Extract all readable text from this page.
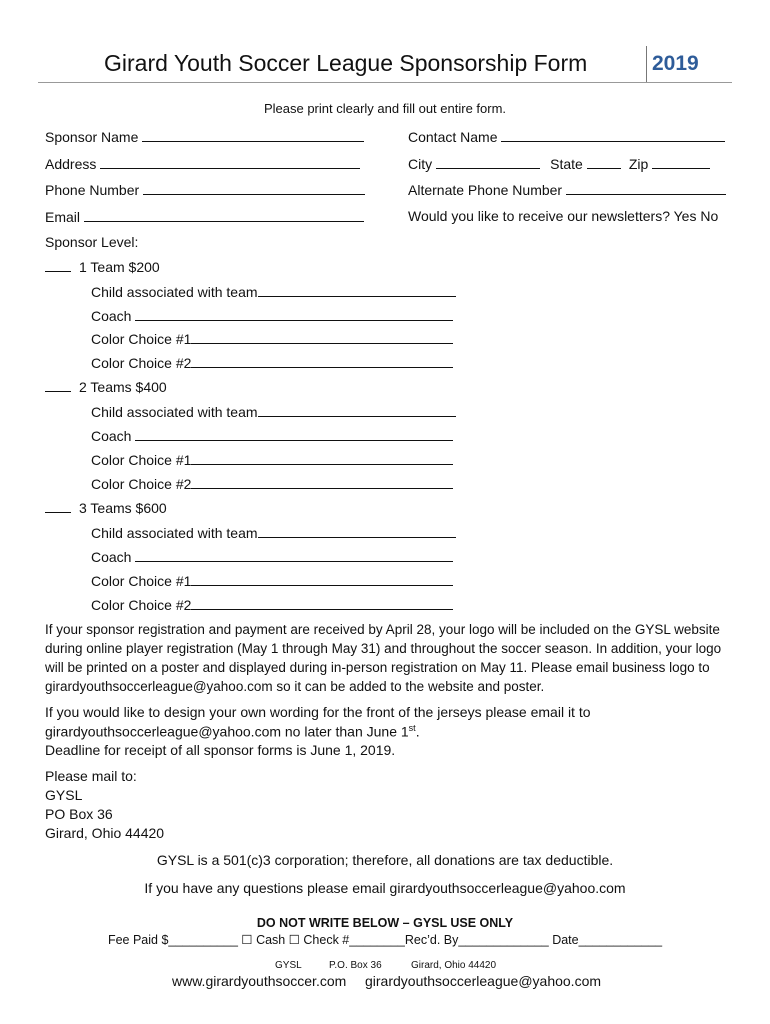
Girard Youth Soccer League Sponsorship Form	2019
Please print clearly and fill out entire form.
Sponsor Name
Address
Phone Number
Email
Contact Name
City	State	Zip
Alternate Phone Number
Would you like to receive our newsletters? Yes No
Sponsor Level:
1 Team $200
Child associated with team
Coach
Color Choice #1
Color Choice #2
2 Teams $400
Child associated with team
Coach
Color Choice #1
Color Choice #2
3 Teams $600
Child associated with team
Coach
Color Choice #1
Color Choice #2
If your sponsor registration and payment are received by April 28, your logo will be included on the GYSL website during online player registration (May 1 through May 31) and throughout the soccer season. In addition, your logo will be printed on a poster and displayed during in-person registration on May 11. Please email business logo to girardyouthsoccerleague@yahoo.com so it can be added to the website and poster.
If you would like to design your own wording for the front of the jerseys please email it to
girardyouthsoccerleague@yahoo.com no later than June 1st.
Deadline for receipt of all sponsor forms is June 1, 2019.
Please mail to:
GYSL
PO Box 36
Girard, Ohio 44420
GYSL is a 501(c)3 corporation; therefore, all donations are tax deductible.
If you have any questions please email girardyouthsoccerleague@yahoo.com
DO NOT WRITE BELOW – GYSL USE ONLY
Fee Paid $__________ ☐ Cash ☐ Check #________Rec’d. By_____________ Date____________
GYSL	P.O. Box 36	Girard, Ohio 44420
www.girardyouthsoccer.com girardyouthsoccerleague@yahoo.com
